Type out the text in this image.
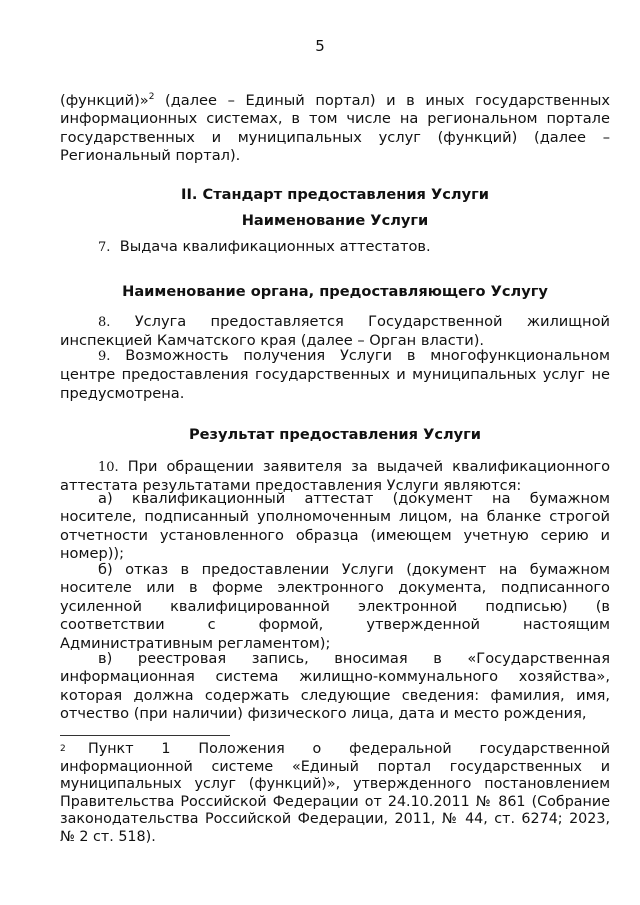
5
(функций)»$^2$ (далее – Единый портал) и в иных государственных информационных системах, в том числе на региональном портале государственных и муниципальных услуг (функций) (далее – Региональный портал).
II. Стандарт предоставления Услуги
Наименование Услуги
7. Выдача квалификационных аттестатов.
Наименование органа, предоставляющего Услугу
8. Услуга предоставляется Государственной жилищной инспекцией Камчатского края (далее – Орган власти).
9. Возможность получения Услуги в многофункциональном центре предоставления государственных и муниципальных услуг не предусмотрена.
Результат предоставления Услуги
10. При обращении заявителя за выдачей квалификационного аттестата результатами предоставления Услуги являются:
а) квалификационный аттестат (документ на бумажном носителе, подписанный уполномоченным лицом, на бланке строгой отчетности установленного образца (имеющем учетную серию и номер));
б) отказ в предоставлении Услуги (документ на бумажном носителе или в форме электронного документа, подписанного усиленной квалифицированной электронной подписью) (в соответствии с формой, утвержденной настоящим Административным регламентом);
в) реестровая запись, вносимая в «Государственная информационная система жилищно-коммунального хозяйства», которая должна содержать следующие сведения: фамилия, имя, отчество (при наличии) физического лица, дата и место рождения,
2 Пункт 1 Положения о федеральной государственной информационной системе «Единый портал государственных и муниципальных услуг (функций)», утвержденного постановлением Правительства Российской Федерации от 24.10.2011 № 861 (Собрание законодательства Российской Федерации, 2011, № 44, ст. 6274; 2023, № 2 ст. 518).
